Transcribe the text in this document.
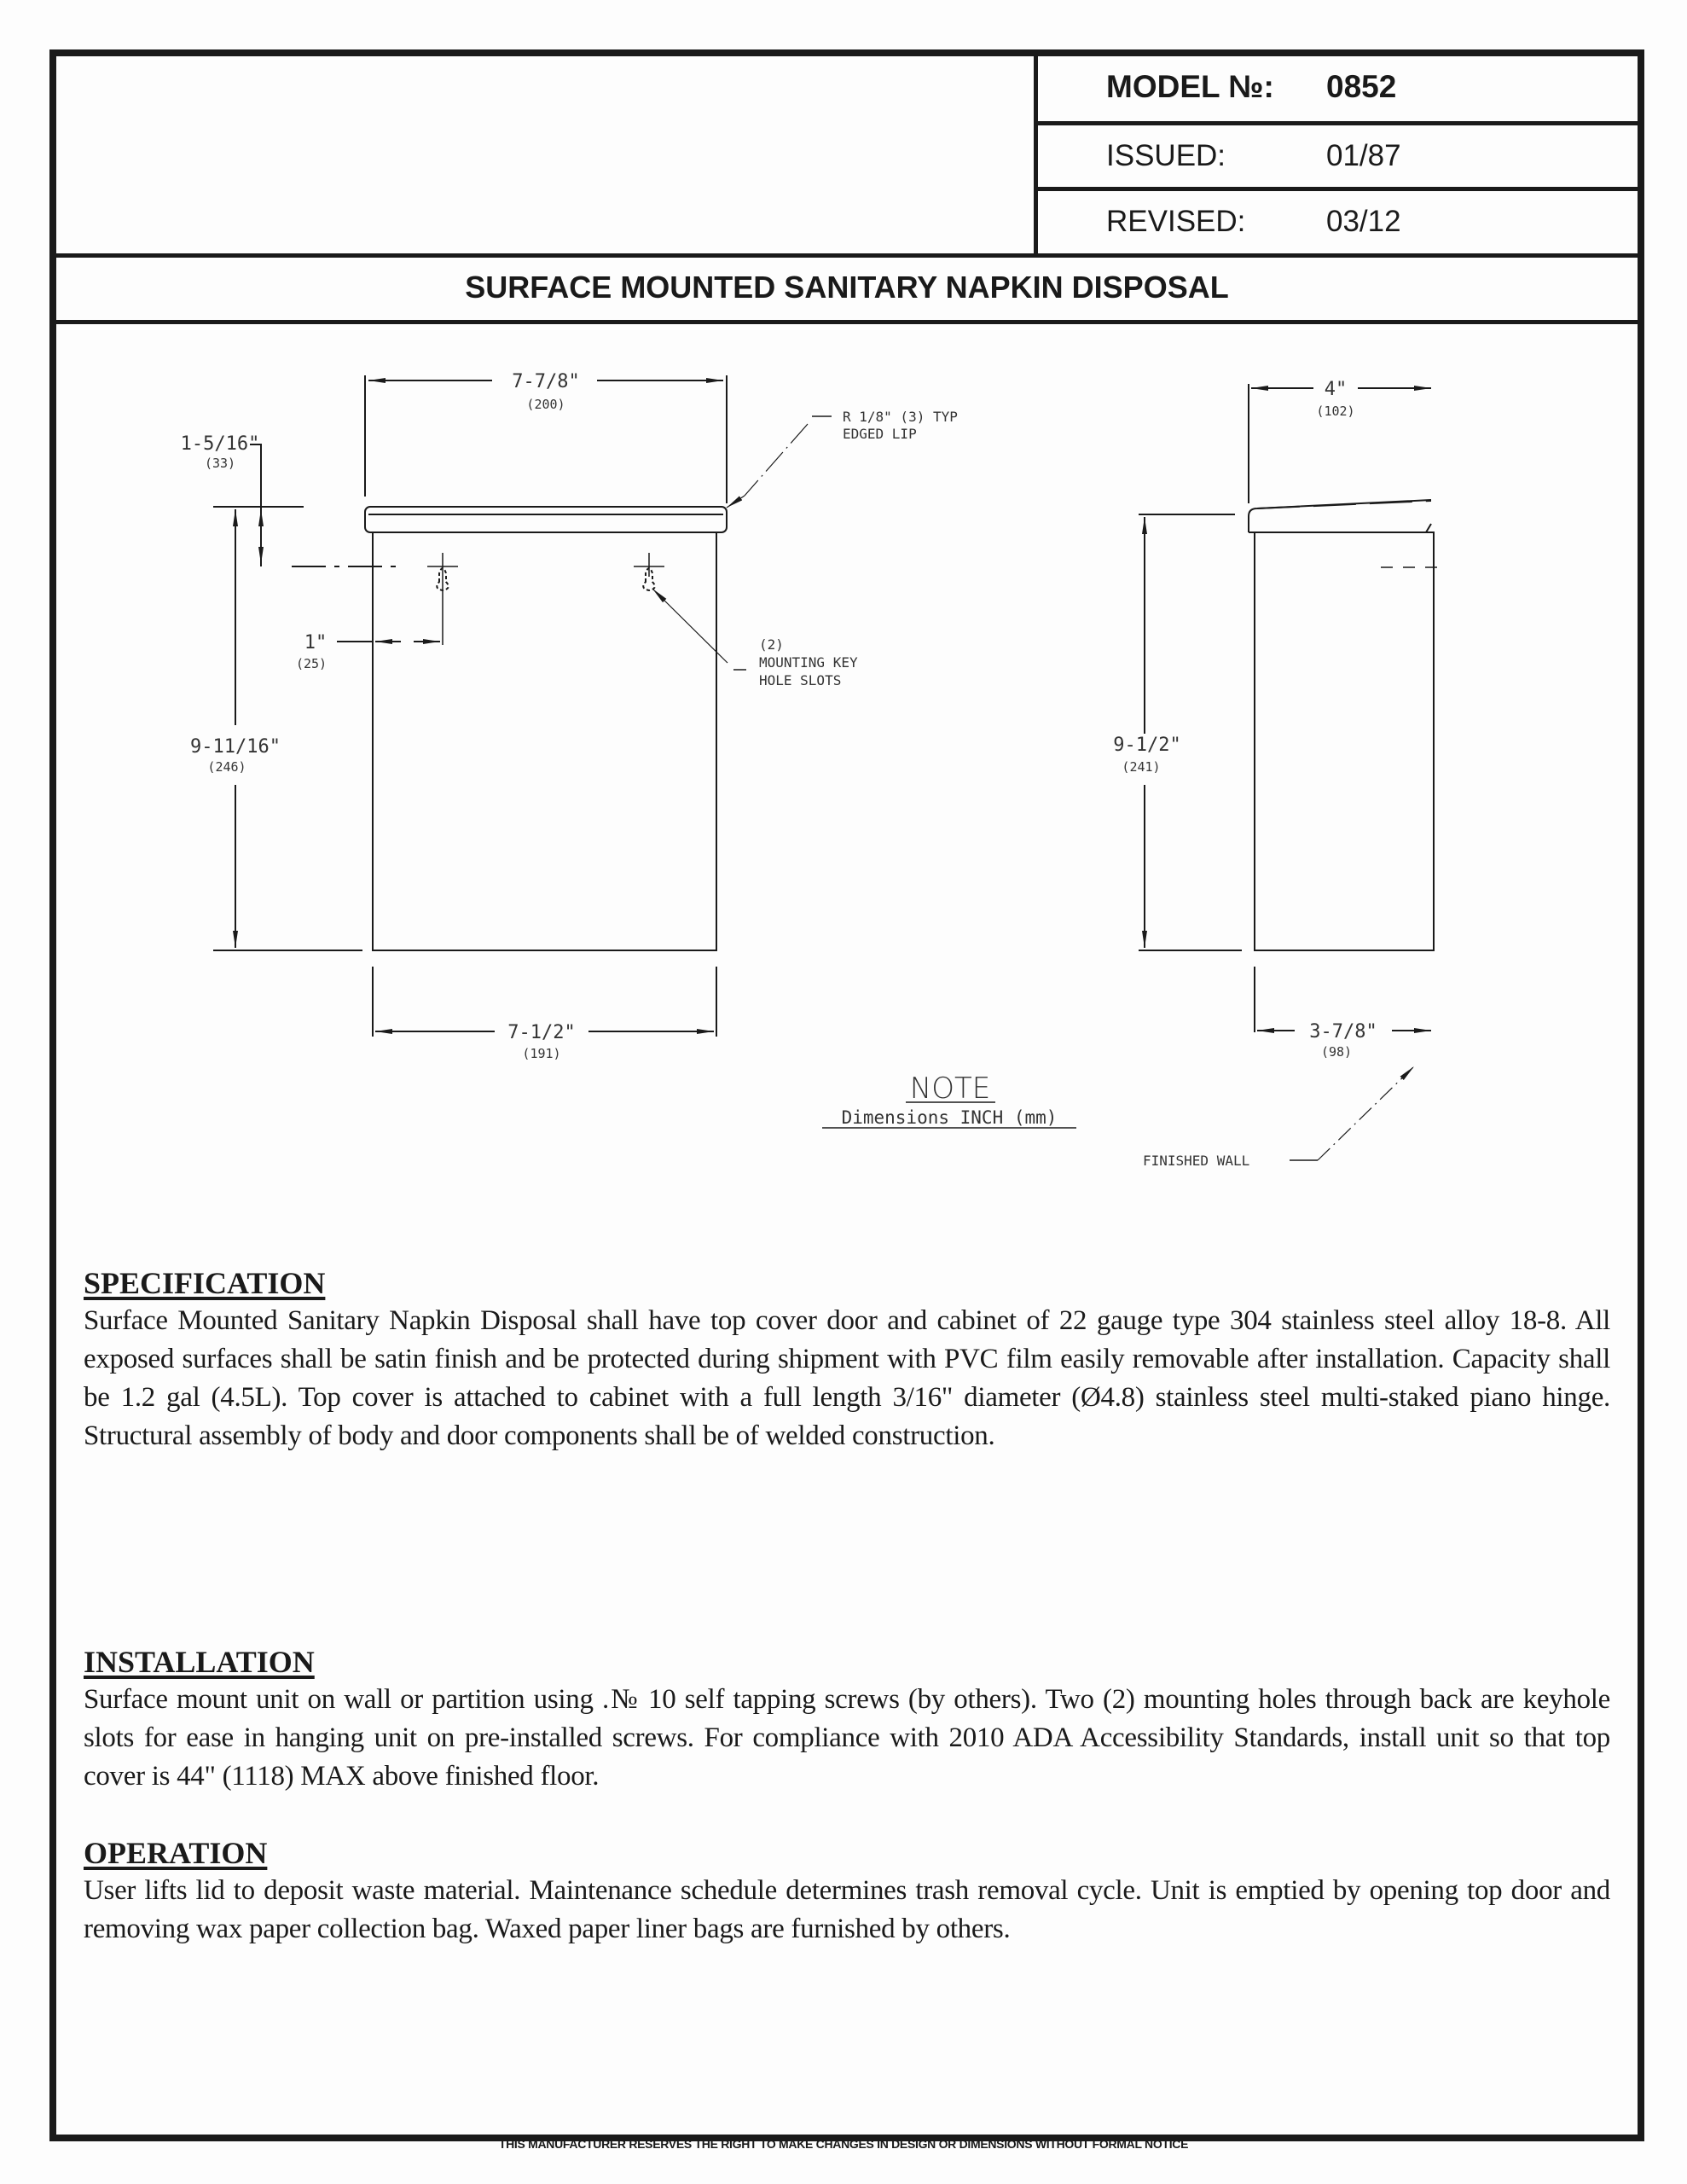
MODEL №: 0852
ISSUED:	01/87
REVISED:	03/12
SURFACE MOUNTED SANITARY NAPKIN DISPOSAL
7-7/8"
(200)
1-5/16"
(33)
1"
(25)
9-11/16"
(246)
7-1/2"
(191)
R 1/8" (3) TYP
EDGED LIP
(2)
MOUNTING KEY
HOLE SLOTS
4"
(102)
9-1/2"
(241)
3-7/8"
(98)
FINISHED WALL
NOTE
Dimensions INCH (mm)
SPECIFICATION

Surface Mounted Sanitary Napkin Disposal shall have top cover door and cabinet of 22 gauge type 304 stainless steel alloy 18-8. All exposed surfaces shall be satin finish and be protected during shipment with PVC film easily removable after installation. Capacity shall be 1.2 gal (4.5L). Top cover is attached to cabinet with a full length 3/16" diameter (Ø4.8) stainless steel multi-staked piano hinge. Structural assembly of body and door components shall be of welded construction.

INSTALLATION

Surface mount unit on wall or partition using .№ 10 self tapping screws (by others). Two (2) mounting holes through back are keyhole slots for ease in hanging unit on pre-installed screws. For compliance with 2010 ADA Accessibility Standards, install unit so that top cover is 44" (1118) MAX above finished floor.

OPERATION

User lifts lid to deposit waste material. Maintenance schedule determines trash removal cycle. Unit is emptied by opening top door and removing wax paper collection bag. Waxed paper liner bags are furnished by others.

THIS MANUFACTURER RESERVES THE RIGHT TO MAKE CHANGES IN DESIGN OR DIMENSIONS WITHOUT FORMAL NOTICE
